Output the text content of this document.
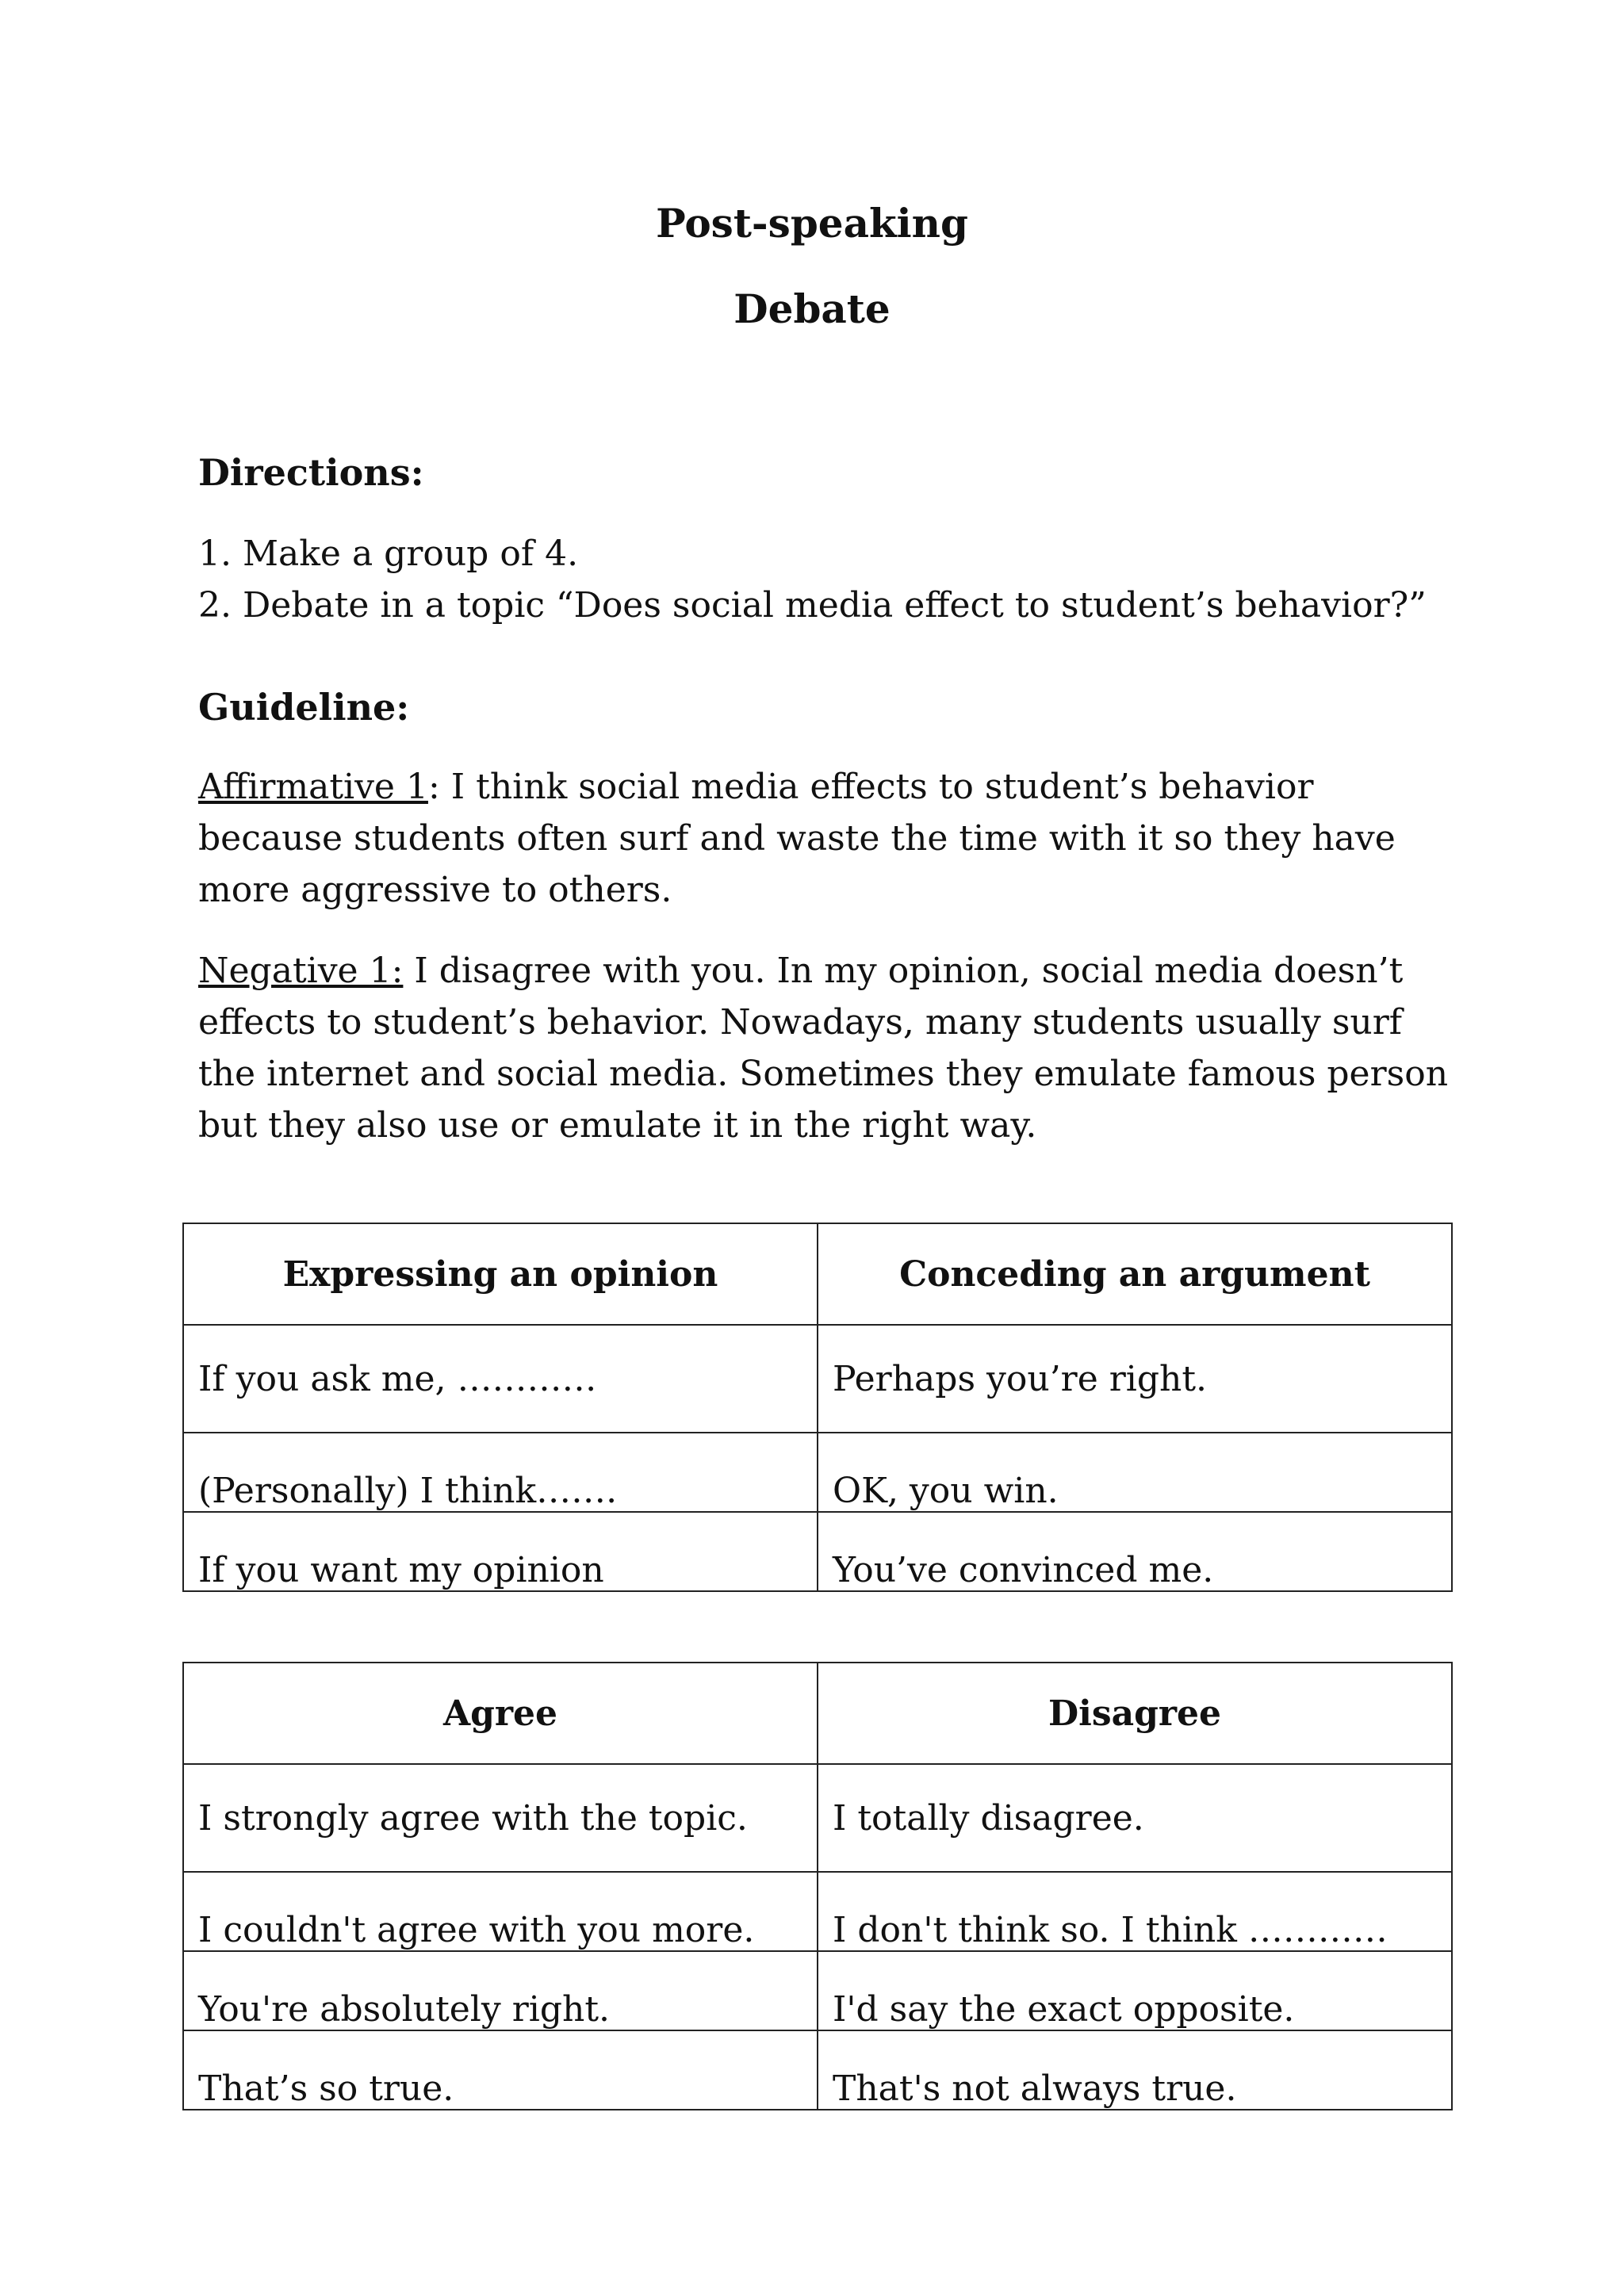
Post-speaking
Debate
Directions:
1. Make a group of 4.
2. Debate in a topic “Does social media effect to student’s behavior?”
Guideline:

Affirmative 1: I think social media effects to student’s behavior because students often surf and waste the time with it so they have more aggressive to others.

Negative 1: I disagree with you. In my opinion, social media doesn’t effects to student’s behavior. Nowadays, many students usually surf the internet and social media. Sometimes they emulate famous person but they also use or emulate it in the right way.

Expressing an opinion	Conceding an argument
If you ask me, …………	Perhaps you’re right.
(Personally) I think…….	OK, you win.
If you want my opinion	You’ve convinced me.
Agree	Disagree
I strongly agree with the topic.	I totally disagree.
I couldn't agree with you more.	I don't think so. I think …………
You're absolutely right.	I'd say the exact opposite.
That’s so true.	That's not always true.
